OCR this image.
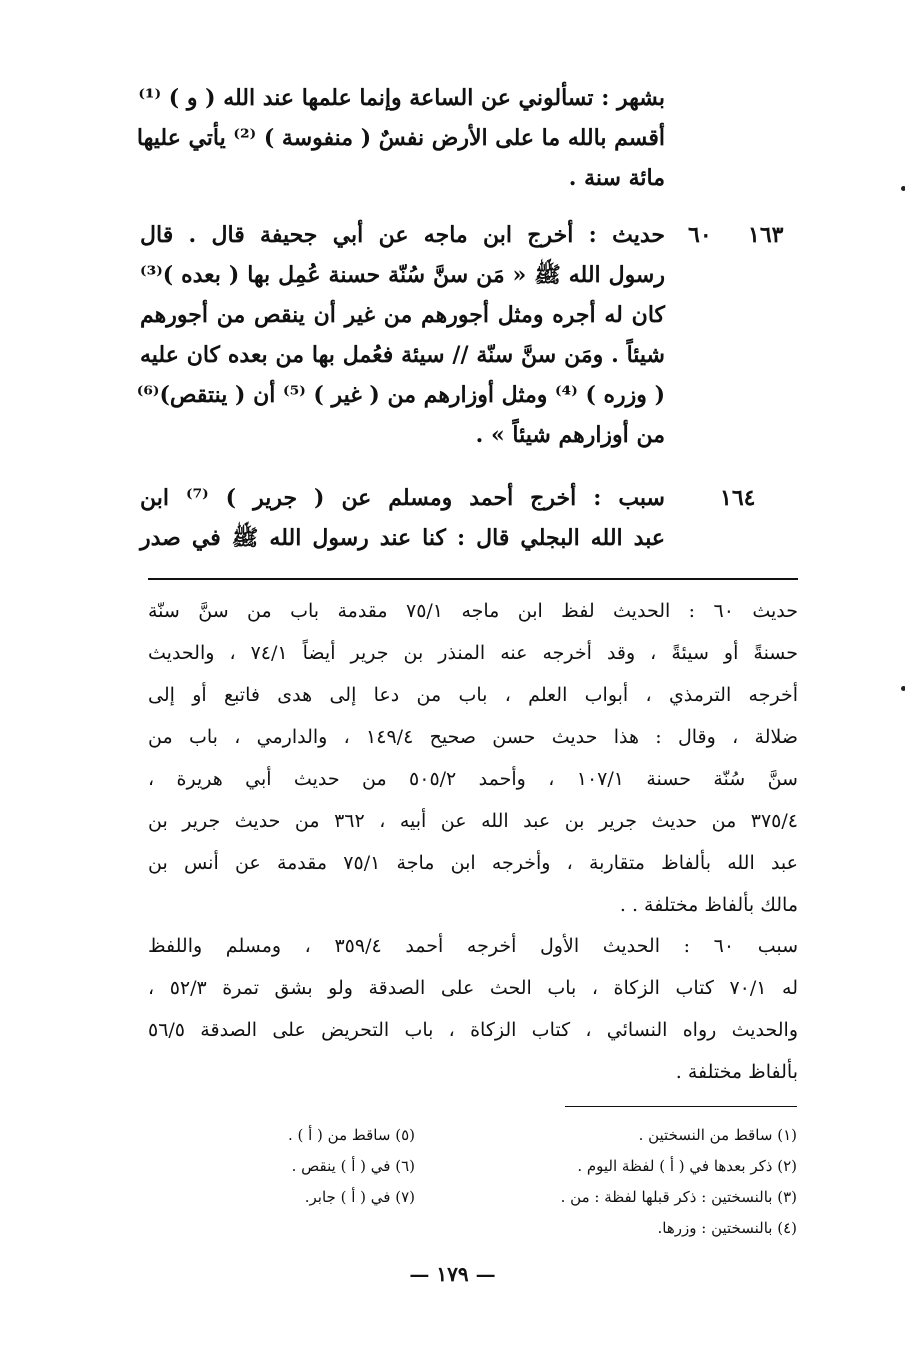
بشهر : تسألوني عن الساعة وإنما علمها عند الله ( و ) ⁽¹⁾
أقسم بالله ما على الأرض نفسٌ ( منفوسة ) ⁽²⁾ يأتي عليها
مائة سنة .
١٦٣
٦٠
حديث : أخرج ابن ماجه عن أبي جحيفة قال . قال
رسول الله ﷺ « مَن سنَّ سُنّة حسنة عُمِل بها ( بعده )⁽³⁾
كان له أجره ومثل أجورهم من غير أن ينقص من أجورهم
شيئاً . ومَن سنَّ سنّة // سيئة فعُمل بها من بعده كان عليه
( وزره ) ⁽⁴⁾ ومثل أوزارهم من ( غير ) ⁽⁵⁾ أن ( ينتقص)⁽⁶⁾
من أوزارهم شيئاً » .
١٦٤
سبب : أخرج أحمد ومسلم عن ( جرير ) ⁽⁷⁾ ابن
عبد الله البجلي قال : كنا عند رسول الله ﷺ في صدر
حديث ٦٠ : الحديث لفظ ابن ماجه ٧٥/١ مقدمة باب من سنَّ سنّة
حسنةً أو سيئةً ، وقد أخرجه عنه المنذر بن جرير أيضاً ٧٤/١ ، والحديث
أخرجه الترمذي ، أبواب العلم ، باب من دعا إلى هدى فاتبع أو إلى
ضلالة ، وقال : هذا حديث حسن صحيح ١٤٩/٤ ، والدارمي ، باب من
سنَّ سُنّة حسنة ١٠٧/١ ، وأحمد ٥٠٥/٢ من حديث أبي هريرة ،
٣٧٥/٤ من حديث جرير بن عبد الله عن أبيه ، ٣٦٢ من حديث جرير بن
عبد الله بألفاظ متقاربة ، وأخرجه ابن ماجة ٧٥/١ مقدمة عن أنس بن
مالك بألفاظ مختلفة . .
سبب ٦٠ : الحديث الأول أخرجه أحمد ٣٥٩/٤ ، ومسلم واللفظ
له ٧٠/١ كتاب الزكاة ، باب الحث على الصدقة ولو بشق تمرة ٥٢/٣ ،
والحديث رواه النسائي ، كتاب الزكاة ، باب التحريض على الصدقة ٥٦/٥
بألفاظ مختلفة .
(١) ساقط من النسختين .
(٢) ذكر بعدها في ( أ ) لفظة اليوم .
(٣) بالنسختين : ذكر قبلها لفظة : من .
(٤) بالنسختين : وزرها.
(٥) ساقط من ( أ ) .
(٦) في ( أ ) ينقص .
(٧) في ( أ ) جابر.
— ١٧٩ —
